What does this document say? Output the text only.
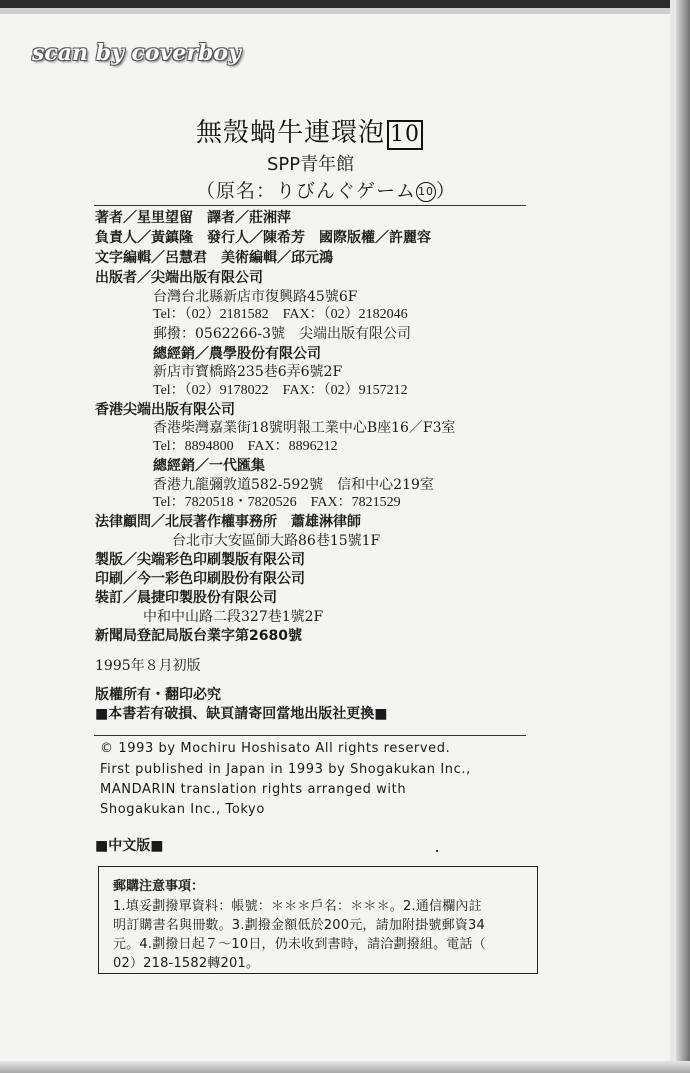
scan by coverboy
無殼蝸牛連環泡 10
SPP青年館
（原名：りびんぐゲーム 10 ）
著者／星里望留　譯者／莊湘萍
負責人／黃鎮隆　發行人／陳希芳　國際版權／許麗容
文字編輯／呂慧君　美術編輯／邱元鴻
出版者／尖端出版有限公司
台灣台北縣新店市復興路45號6F
Tel：（02）2181582　FAX：（02）2182046
郵撥：0562266-3號　尖端出版有限公司
總經銷／農學股份有限公司
新店市寶橋路235巷6弄6號2F
Tel：（02）9178022　FAX：（02）9157212
香港尖端出版有限公司
香港柴灣嘉業街18號明報工業中心B座16／F3室
Tel：8894800　FAX：8896212
總經銷／一代匯集
香港九龍彌敦道582-592號　信和中心219室
Tel：7820518・7820526　FAX：7821529
法律顧問／北辰著作權事務所　蕭雄淋律師
台北市大安區師大路86巷15號1F
製版／尖端彩色印刷製版有限公司
印刷／今一彩色印刷股份有限公司
裝訂／晨捷印製股份有限公司
中和中山路二段327巷1號2F
新聞局登記局版台業字第2680號
1995年８月初版
版權所有・翻印必究
■本書若有破損、缺頁請寄回當地出版社更換■
© 1993 by Mochiru Hoshisato All rights reserved.
First published in Japan in 1993 by Shogakukan Inc.,
MANDARIN translation rights arranged with
Shogakukan Inc., Tokyo
■中文版■
郵購注意事項：
1.填妥劃撥單資料：帳號：＊＊＊戶名：＊＊＊。2.通信欄內註
明訂購書名與冊數。3.劃撥金額低於200元，請加附掛號郵資34
元。4.劃撥日起７～10日，仍未收到書時，請洽劃撥組。電話（
02）218-1582轉201。
